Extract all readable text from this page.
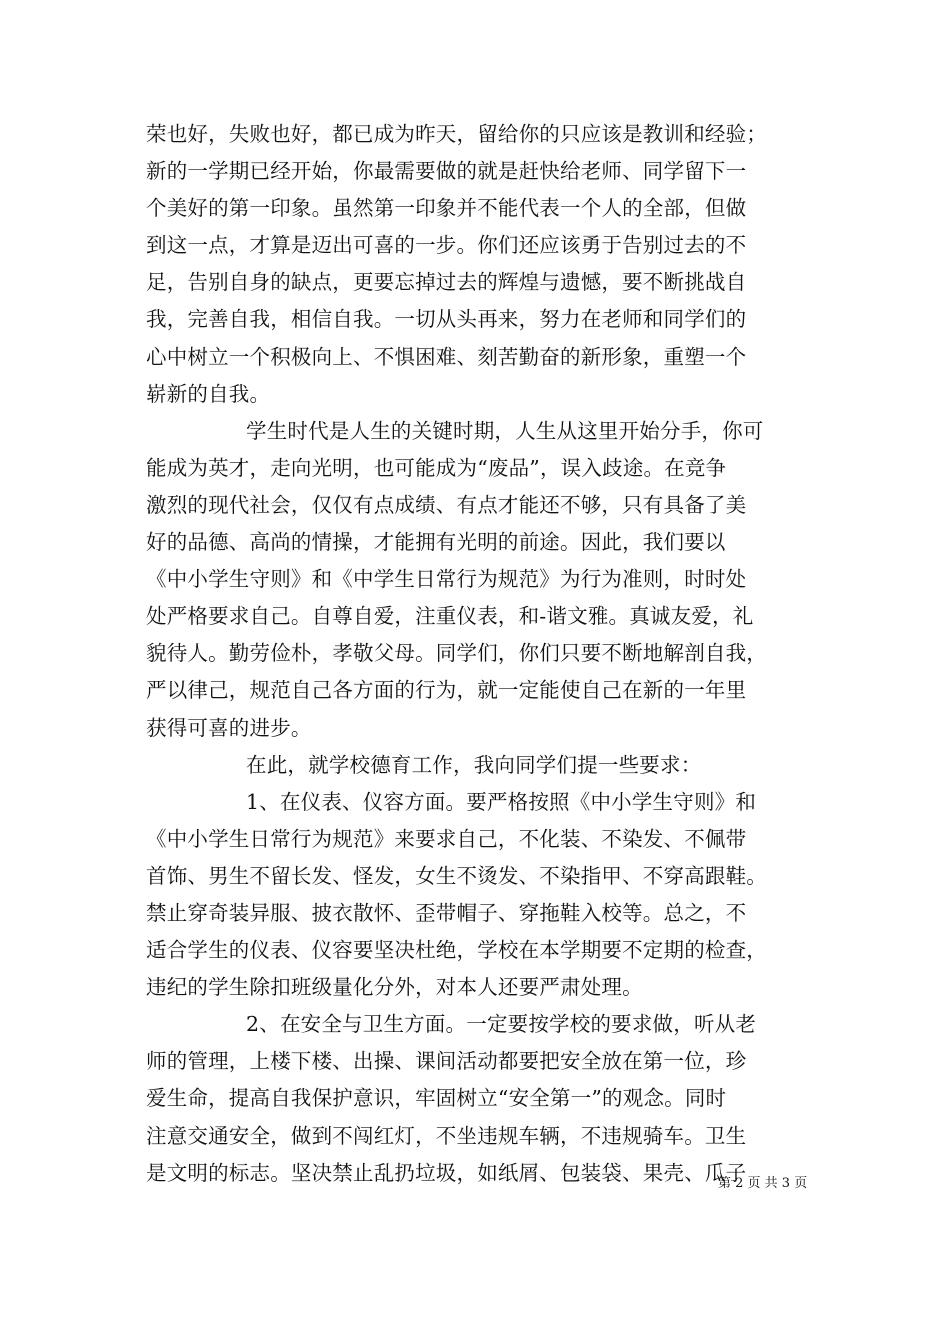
荣也好，失败也好，都已成为昨天，留给你的只应该是教训和经验；
新的一学期已经开始，你最需要做的就是赶快给老师、同学留下一
个美好的第一印象。虽然第一印象并不能代表一个人的全部，但做
到这一点，才算是迈出可喜的一步。你们还应该勇于告别过去的不
足，告别自身的缺点，更要忘掉过去的辉煌与遗憾，要不断挑战自
我，完善自我，相信自我。一切从头再来，努力在老师和同学们的
心中树立一个积极向上、不惧困难、刻苦勤奋的新形象，重塑一个
崭新的自我。
学生时代是人生的关键时期，人生从这里开始分手，你可
能成为英才，走向光明，也可能成为“废品”，误入歧途。在竞争
激烈的现代社会，仅仅有点成绩、有点才能还不够，只有具备了美
好的品德、高尚的情操，才能拥有光明的前途。因此，我们要以
《中小学生守则》和《中学生日常行为规范》为行为准则，时时处
处严格要求自己。自尊自爱，注重仪表，和-谐文雅。真诚友爱，礼
貌待人。勤劳俭朴，孝敬父母。同学们，你们只要不断地解剖自我，
严以律己，规范自己各方面的行为，就一定能使自己在新的一年里
获得可喜的进步。
在此，就学校德育工作，我向同学们提一些要求：
1、在仪表、仪容方面。要严格按照《中小学生守则》和
《中小学生日常行为规范》来要求自己，不化装、不染发、不佩带
首饰、男生不留长发、怪发，女生不烫发、不染指甲、不穿高跟鞋。
禁止穿奇装异服、披衣散怀、歪带帽子、穿拖鞋入校等。总之，不
适合学生的仪表、仪容要坚决杜绝，学校在本学期要不定期的检查，
违纪的学生除扣班级量化分外，对本人还要严肃处理。
2、在安全与卫生方面。一定要按学校的要求做，听从老
师的管理，上楼下楼、出操、课间活动都要把安全放在第一位，珍
爱生命，提高自我保护意识，牢固树立“安全第一”的观念。同时
注意交通安全，做到不闯红灯，不坐违规车辆，不违规骑车。卫生
是文明的标志。坚决禁止乱扔垃圾，如纸屑、包装袋、果壳、瓜子
第 2 页 共 3 页
